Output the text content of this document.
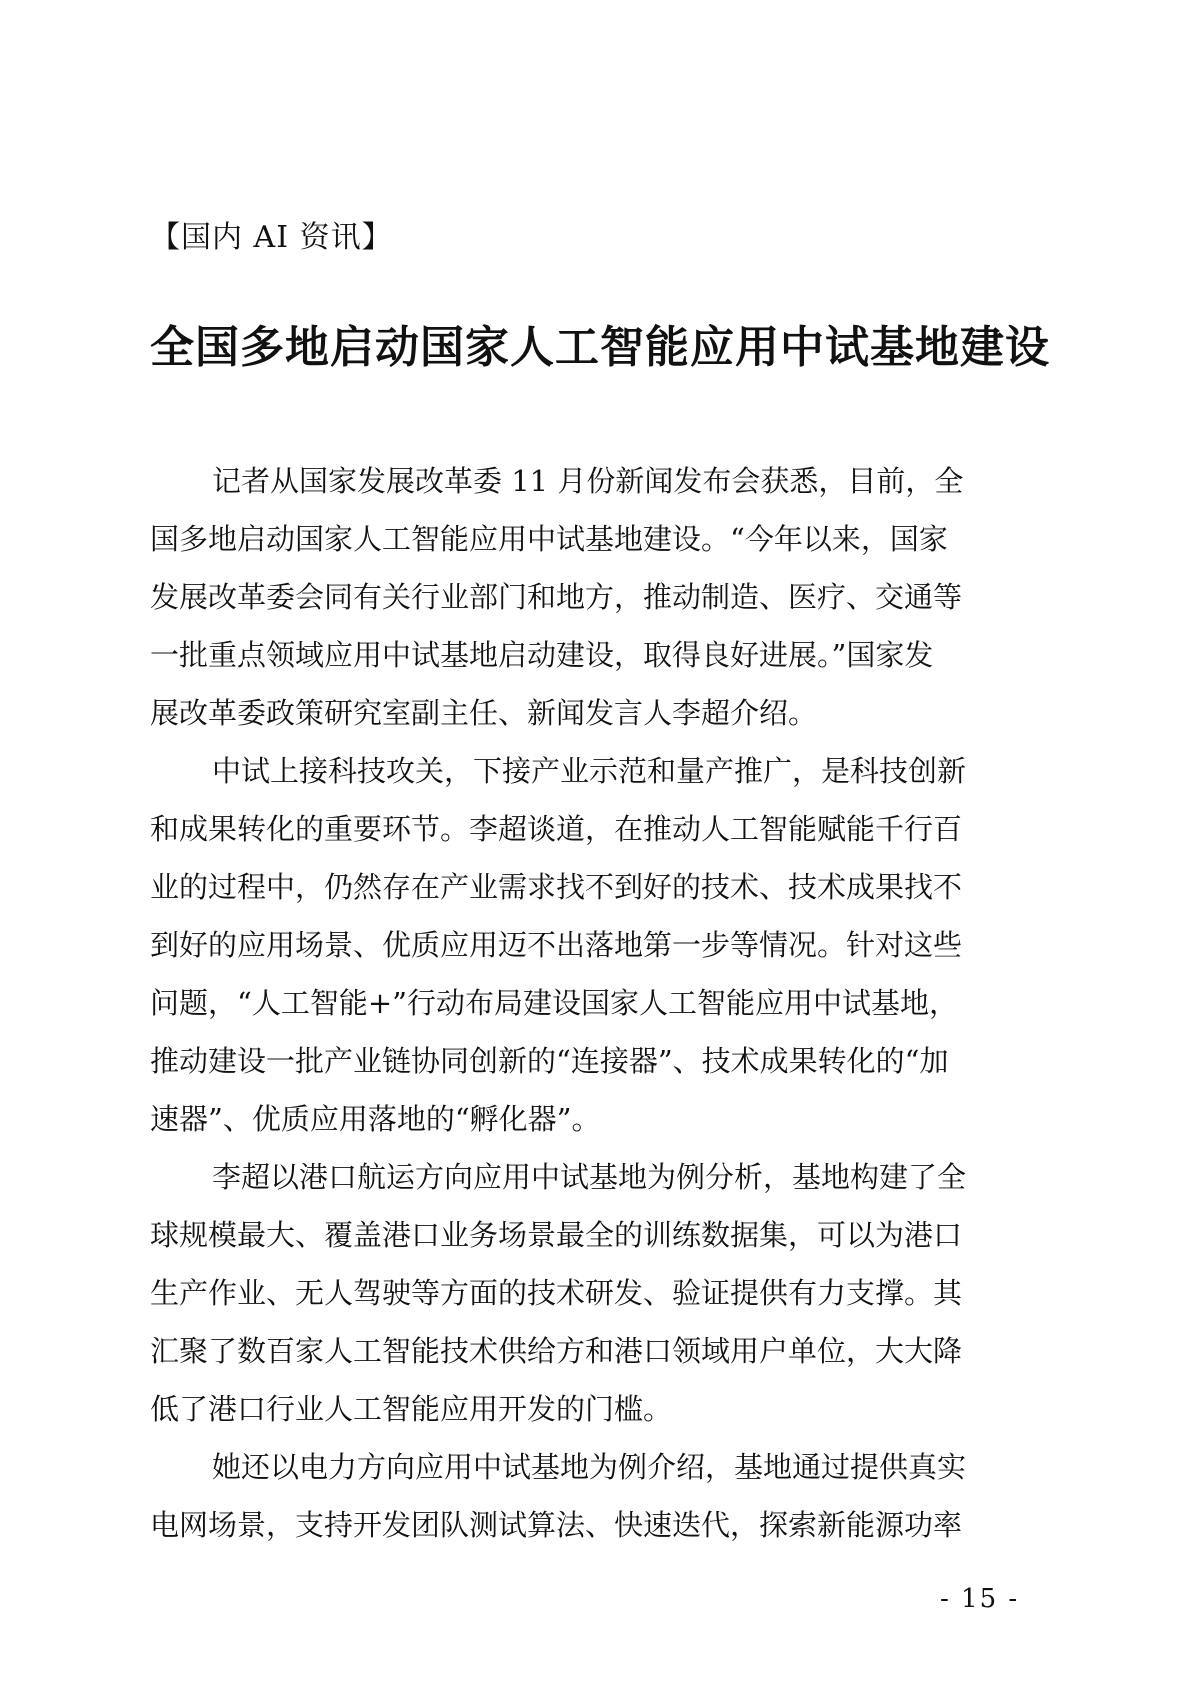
【国内 AI 资讯】
全国多地启动国家人工智能应用中试基地建设
记者从国家发展改革委 11 月份新闻发布会获悉，目前，全
国多地启动国家人工智能应用中试基地建设。“今年以来，国家
发展改革委会同有关行业部门和地方，推动制造、医疗、交通等
一批重点领域应用中试基地启动建设，取得良好进展。”国家发
展改革委政策研究室副主任、新闻发言人李超介绍。
中试上接科技攻关，下接产业示范和量产推广，是科技创新
和成果转化的重要环节。李超谈道，在推动人工智能赋能千行百
业的过程中，仍然存在产业需求找不到好的技术、技术成果找不
到好的应用场景、优质应用迈不出落地第一步等情况。针对这些
问题，“人工智能+”行动布局建设国家人工智能应用中试基地，
推动建设一批产业链协同创新的“连接器”、技术成果转化的“加
速器”、优质应用落地的“孵化器”。
李超以港口航运方向应用中试基地为例分析，基地构建了全
球规模最大、覆盖港口业务场景最全的训练数据集，可以为港口
生产作业、无人驾驶等方面的技术研发、验证提供有力支撑。其
汇聚了数百家人工智能技术供给方和港口领域用户单位，大大降
低了港口行业人工智能应用开发的门槛。
她还以电力方向应用中试基地为例介绍，基地通过提供真实
电网场景，支持开发团队测试算法、快速迭代，探索新能源功率
- 15 -
